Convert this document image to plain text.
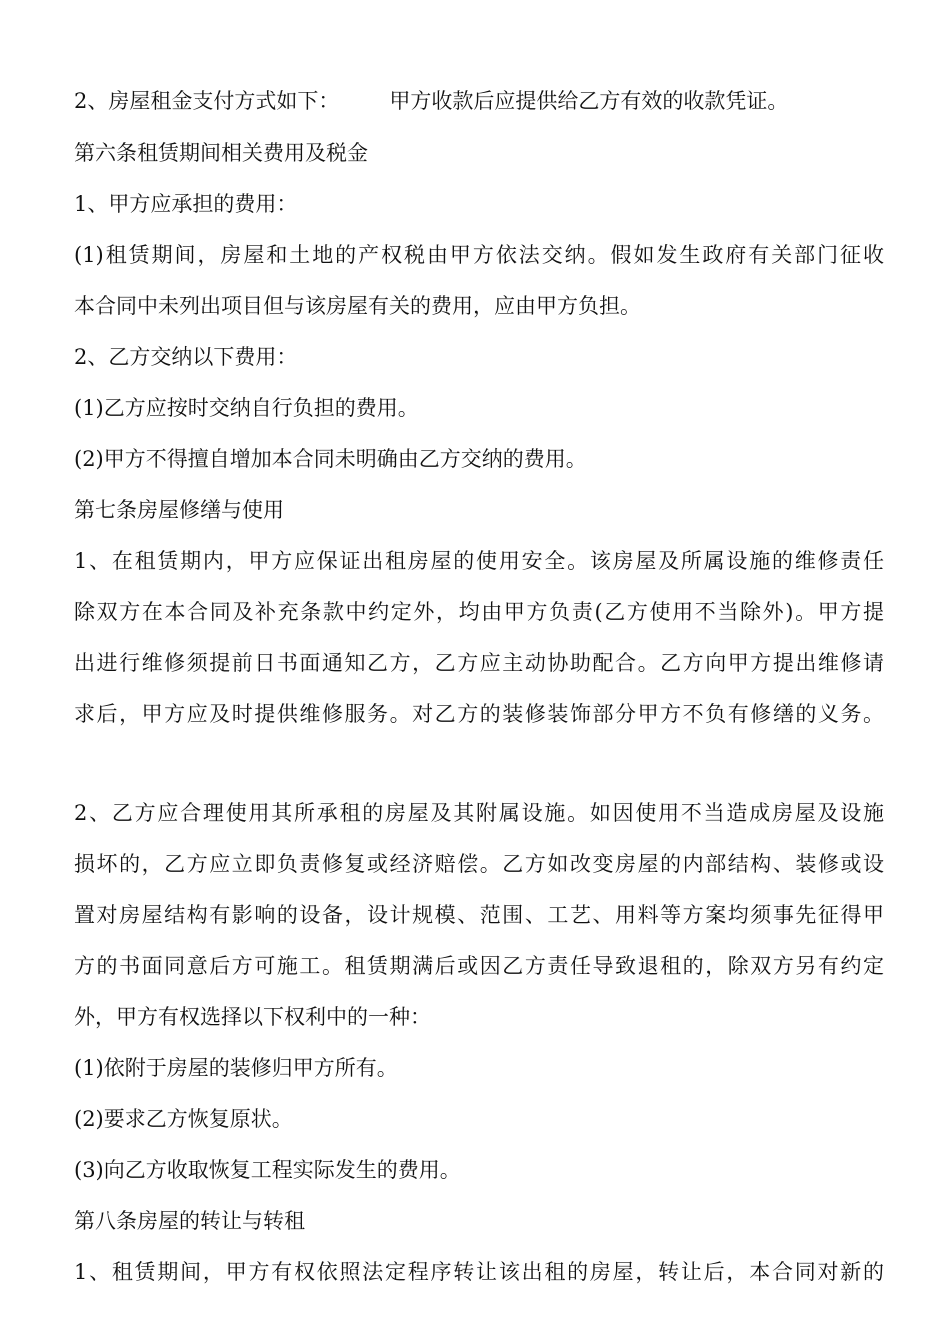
2、房屋租金支付方式如下： 甲方收款后应提供给乙方有效的收款凭证。
第六条租赁期间相关费用及税金
1、甲方应承担的费用：
(1)租赁期间，房屋和土地的产权税由甲方依法交纳。假如发生政府有关部门征收
本合同中未列出项目但与该房屋有关的费用，应由甲方负担。
2、乙方交纳以下费用：
(1)乙方应按时交纳自行负担的费用。
(2)甲方不得擅自增加本合同未明确由乙方交纳的费用。
第七条房屋修缮与使用
1、在租赁期内，甲方应保证出租房屋的使用安全。该房屋及所属设施的维修责任
除双方在本合同及补充条款中约定外，均由甲方负责(乙方使用不当除外)。甲方提
出进行维修须提前日书面通知乙方，乙方应主动协助配合。乙方向甲方提出维修请
求后，甲方应及时提供维修服务。对乙方的装修装饰部分甲方不负有修缮的义务。
2、乙方应合理使用其所承租的房屋及其附属设施。如因使用不当造成房屋及设施
损坏的，乙方应立即负责修复或经济赔偿。乙方如改变房屋的内部结构、装修或设
置对房屋结构有影响的设备，设计规模、范围、工艺、用料等方案均须事先征得甲
方的书面同意后方可施工。租赁期满后或因乙方责任导致退租的，除双方另有约定
外，甲方有权选择以下权利中的一种：
(1)依附于房屋的装修归甲方所有。
(2)要求乙方恢复原状。
(3)向乙方收取恢复工程实际发生的费用。
第八条房屋的转让与转租
1、租赁期间，甲方有权依照法定程序转让该出租的房屋，转让后，本合同对新的
